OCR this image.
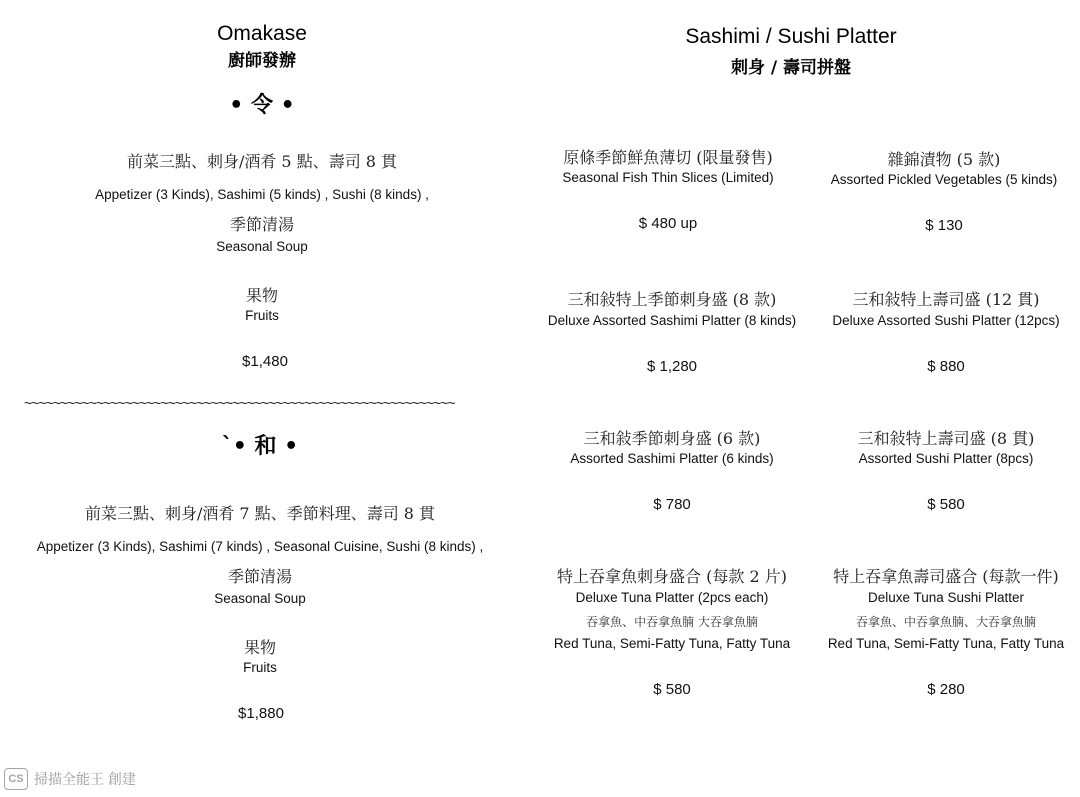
Omakase
廚師發辦
• 令 •
前菜三點、刺身/酒肴 5 點、壽司 8 貫
Appetizer (3 Kinds), Sashimi (5 kinds) , Sushi (8 kinds) ,
季節清湯
Seasonal Soup
果物
Fruits
$1,480
~~~~~~~~~~~~~~~~~~~~~~~~~~~~~~~~~~~~~~~~~~~~~~~~~~~~~~~~~~~~
`• 和 •
前菜三點、刺身/酒肴 7 點、季節料理、壽司 8 貫
Appetizer (3 Kinds), Sashimi (7 kinds) , Seasonal Cuisine, Sushi (8 kinds) ,
季節清湯
Seasonal Soup
果物
Fruits
$1,880
Sashimi / Sushi Platter
刺身 / 壽司拼盤
原條季節鮮魚薄切 (限量發售)
Seasonal Fish Thin Slices (Limited)
$ 480 up
雜錦漬物 (5 款)
Assorted Pickled Vegetables (5 kinds)
$ 130
三和敍特上季節刺身盛 (8 款)
Deluxe Assorted Sashimi Platter (8 kinds)
$ 1,280
三和敍特上壽司盛 (12 貫)
Deluxe Assorted Sushi Platter (12pcs)
$ 880
三和敍季節刺身盛 (6 款)
Assorted Sashimi Platter (6 kinds)
$ 780
三和敍特上壽司盛 (8 貫)
Assorted Sushi Platter (8pcs)
$ 580
特上吞拿魚刺身盛合 (每款 2 片)
Deluxe Tuna Platter (2pcs each)
吞拿魚、中吞拿魚腩 大吞拿魚腩
Red Tuna, Semi-Fatty Tuna, Fatty Tuna
$ 580
特上吞拿魚壽司盛合 (每款一件)
Deluxe Tuna Sushi Platter
吞拿魚、中吞拿魚腩、大吞拿魚腩
Red Tuna, Semi-Fatty Tuna, Fatty Tuna
$ 280
CS 掃描全能王 創建
